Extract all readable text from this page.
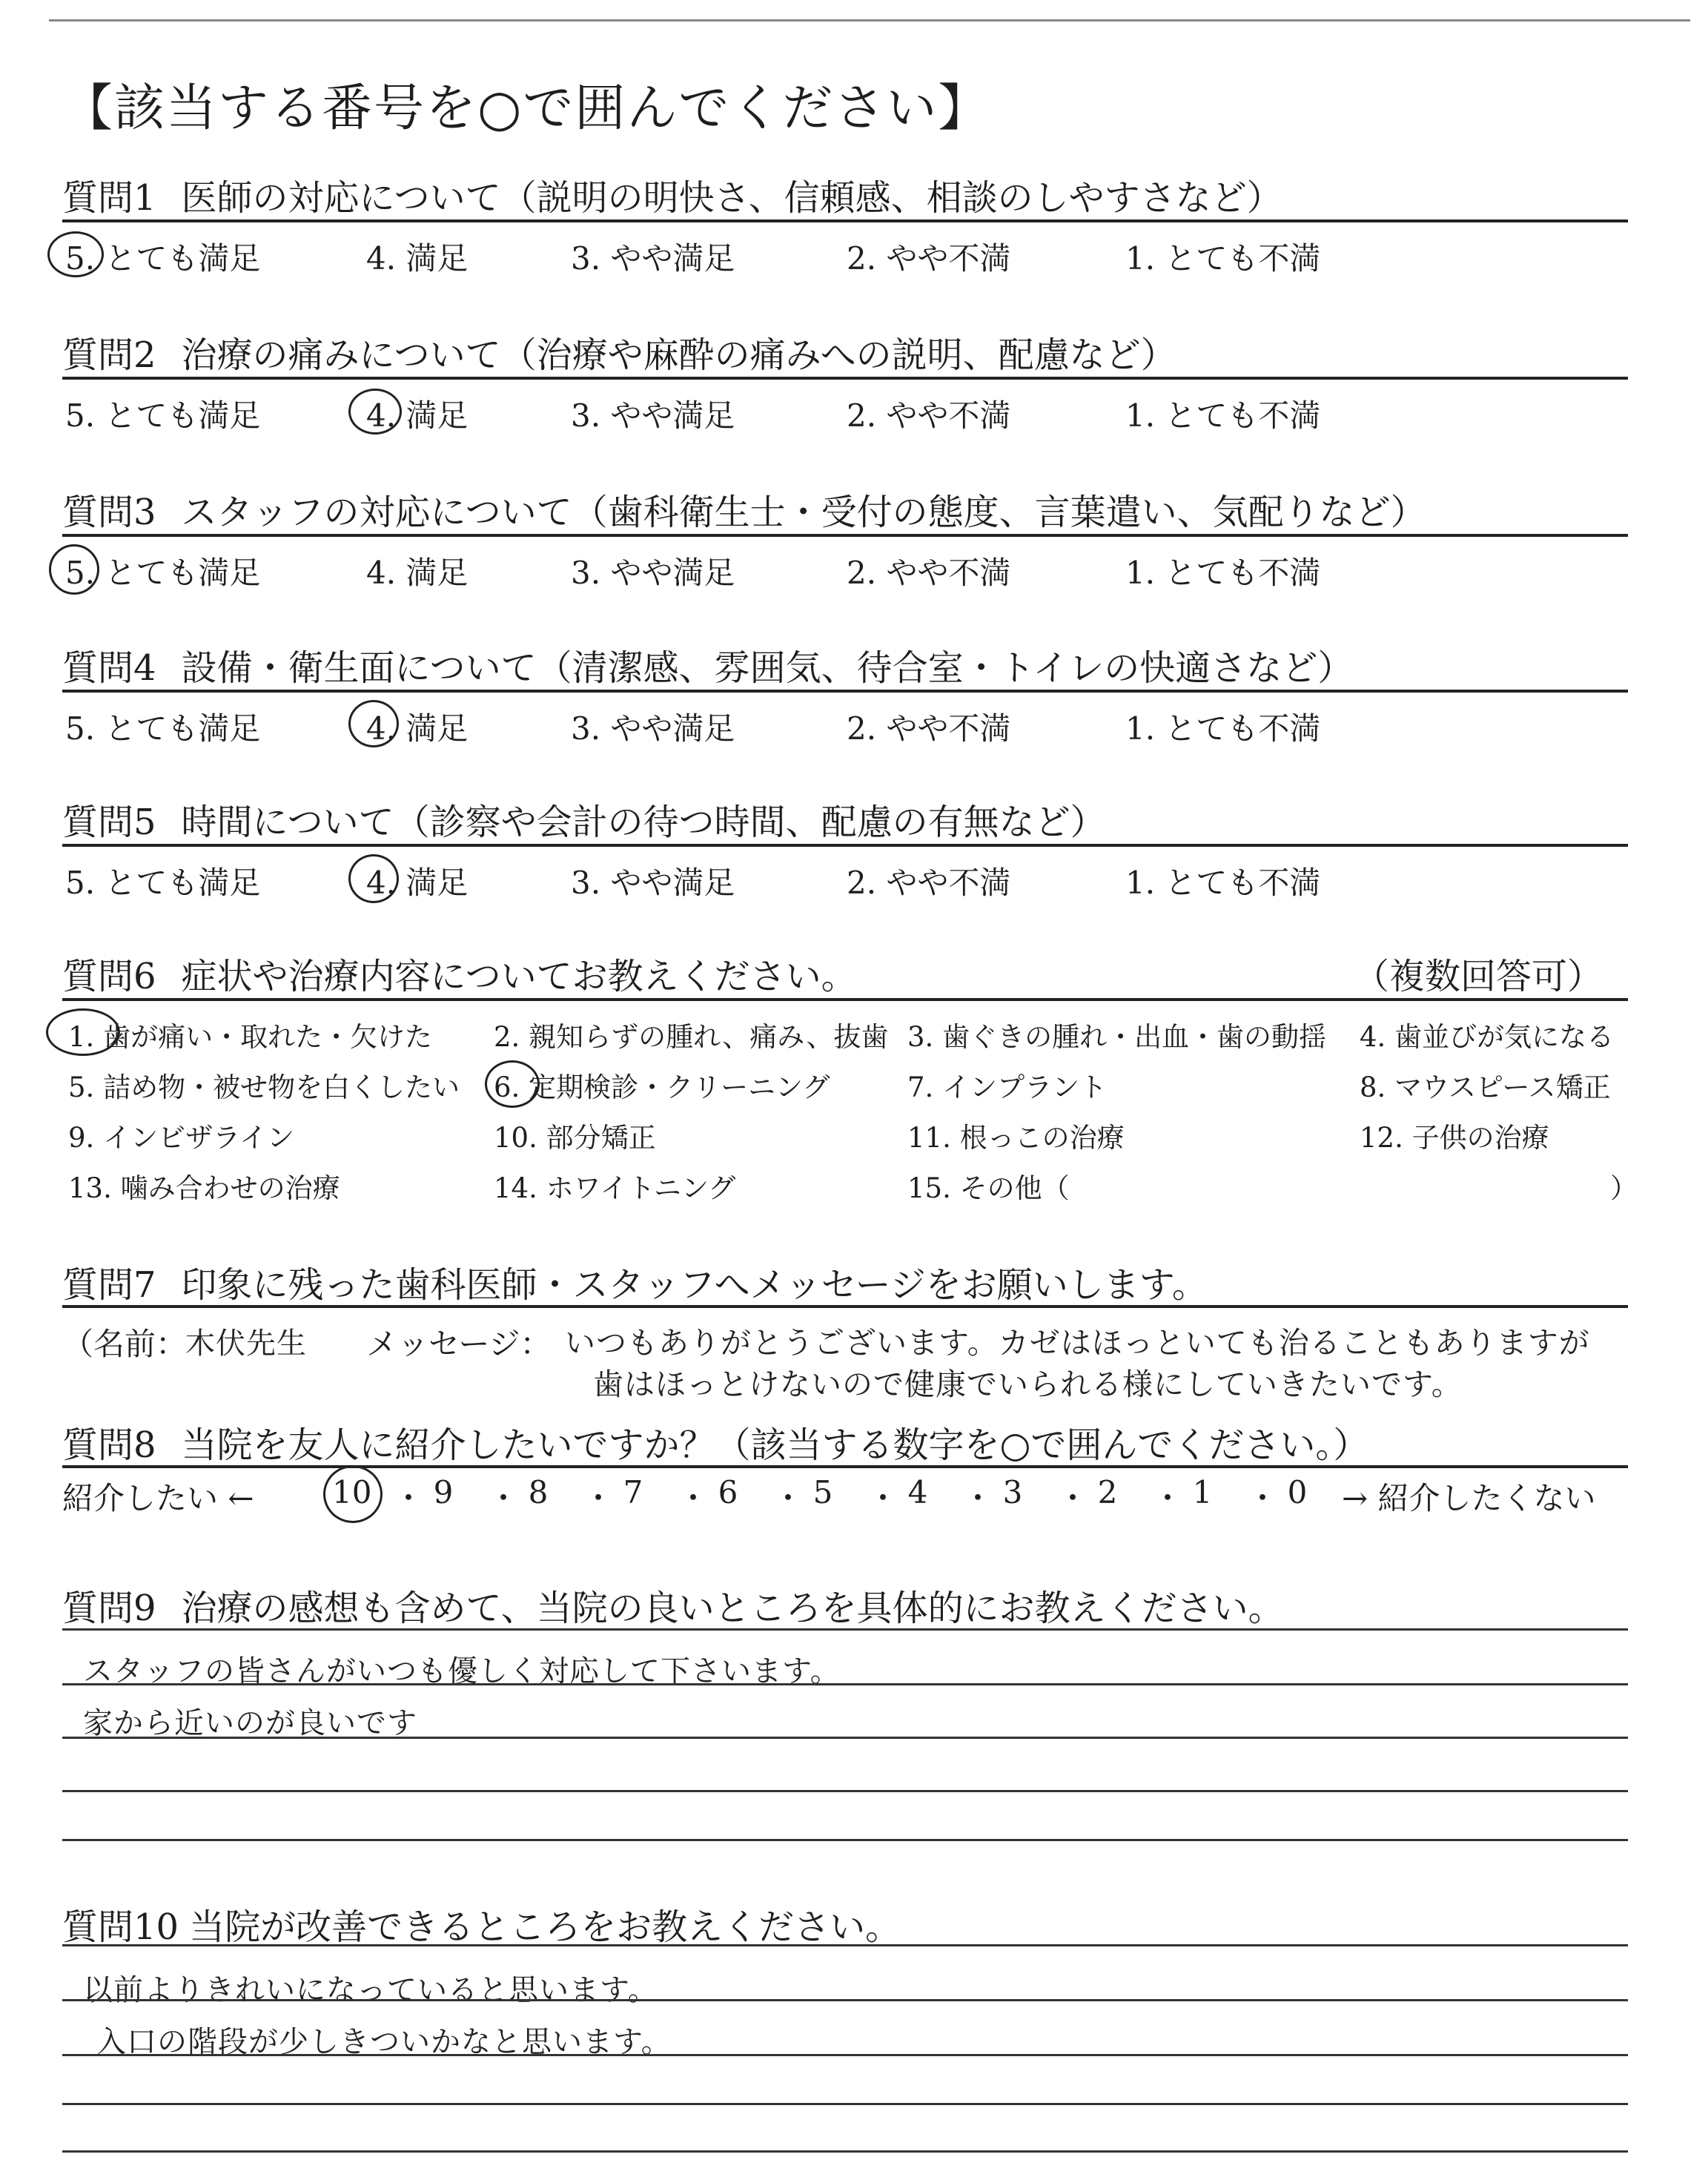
【該当する番号を○で囲んでください】
質問1 医師の対応について（説明の明快さ、信頼感、相談のしやすさなど）
5. とても満足	4. 満足	3. やや満足	2. やや不満	1. とても不満
質問2 治療の痛みについて（治療や麻酔の痛みへの説明、配慮など）
5. とても満足	4. 満足	3. やや満足	2. やや不満	1. とても不満
質問3 スタッフの対応について（歯科衛生士・受付の態度、言葉遣い、気配りなど）
5. とても満足	4. 満足	3. やや満足	2. やや不満	1. とても不満
質問4 設備・衛生面について（清潔感、雰囲気、待合室・トイレの快適さなど）
5. とても満足	4. 満足	3. やや満足	2. やや不満	1. とても不満
質問5 時間について（診察や会計の待つ時間、配慮の有無など）
5. とても満足	4. 満足	3. やや満足	2. やや不満	1. とても不満
質問6 症状や治療内容についてお教えください。	（複数回答可）
1. 歯が痛い・取れた・欠けた 2. 親知らずの腫れ、痛み、抜歯 3. 歯ぐきの腫れ・出血・歯の動揺 4. 歯並びが気になる
5. 詰め物・被せ物を白くしたい 6. 定期検診・クリーニング	7. インプラント	8. マウスピース矯正
9. インビザライン	10. 部分矯正	11. 根っこの治療	12. 子供の治療
13. 噛み合わせの治療	14. ホワイトニング	15. その他（	）
質問7 印象に残った歯科医師・スタッフへメッセージをお願いします。
（名前：
木伏先生 メッセージ： いつもありがとうございます。カゼはほっといても治ることもありますが
歯はほっとけないので健康でいられる様にしていきたいです。
質問8 当院を友人に紹介したいですか？（該当する数字を○で囲んでください。）
紹介したい ←	10 ・ 9 ・ 8 ・ 7 ・ 6 ・ 5 ・ 4 ・ 3 ・ 2 ・ 1 ・ 0 → 紹介したくない
質問9 治療の感想も含めて、当院の良いところを具体的にお教えください。
スタッフの皆さんがいつも優しく対応して下さいます。
家から近いのが良いです
質問10 当院が改善できるところをお教えください。
以前よりきれいになっていると思います。
入口の階段が少しきついかなと思います。
